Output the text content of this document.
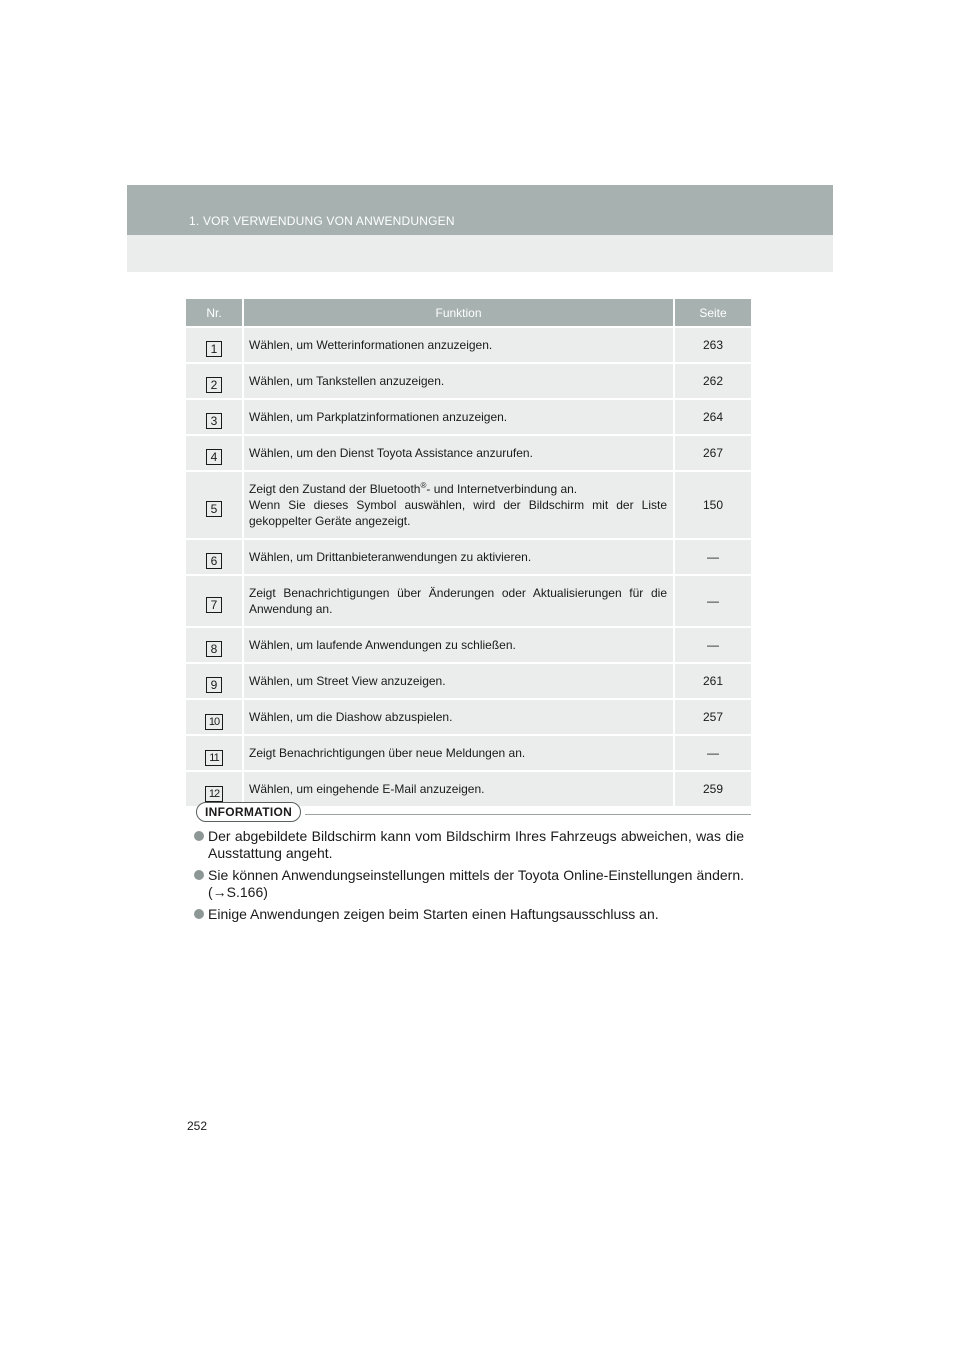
1. VOR VERWENDUNG VON ANWENDUNGEN
Nr.	Funktion	Seite
1	Wählen, um Wetterinformationen anzuzeigen.	263
2	Wählen, um Tankstellen anzuzeigen.	262
3	Wählen, um Parkplatzinformationen anzuzeigen.	264
4	Wählen, um den Dienst Toyota Assistance anzurufen.	267
5	Zeigt den Zustand der Bluetooth®- und Internetverbindung an.
Wenn Sie dieses Symbol auswählen, wird der Bildschirm mit der Liste gekoppelter Geräte angezeigt.	150
6	Wählen, um Drittanbieteranwendungen zu aktivieren.	—
7	Zeigt Benachrichtigungen über Änderungen oder Aktualisierungen für die Anwendung an.	—
8	Wählen, um laufende Anwendungen zu schließen.	—
9	Wählen, um Street View anzuzeigen.	261
10	Wählen, um die Diashow abzuspielen.	257
11	Zeigt Benachrichtigungen über neue Meldungen an.	—
12	Wählen, um eingehende E-Mail anzuzeigen.	259
INFORMATION
Der abgebildete Bildschirm kann vom Bildschirm Ihres Fahrzeugs abweichen, was die Ausstattung angeht.
Sie können Anwendungseinstellungen mittels der Toyota Online-Einstellungen ändern. (→S.166)
Einige Anwendungen zeigen beim Starten einen Haftungsausschluss an.
252
